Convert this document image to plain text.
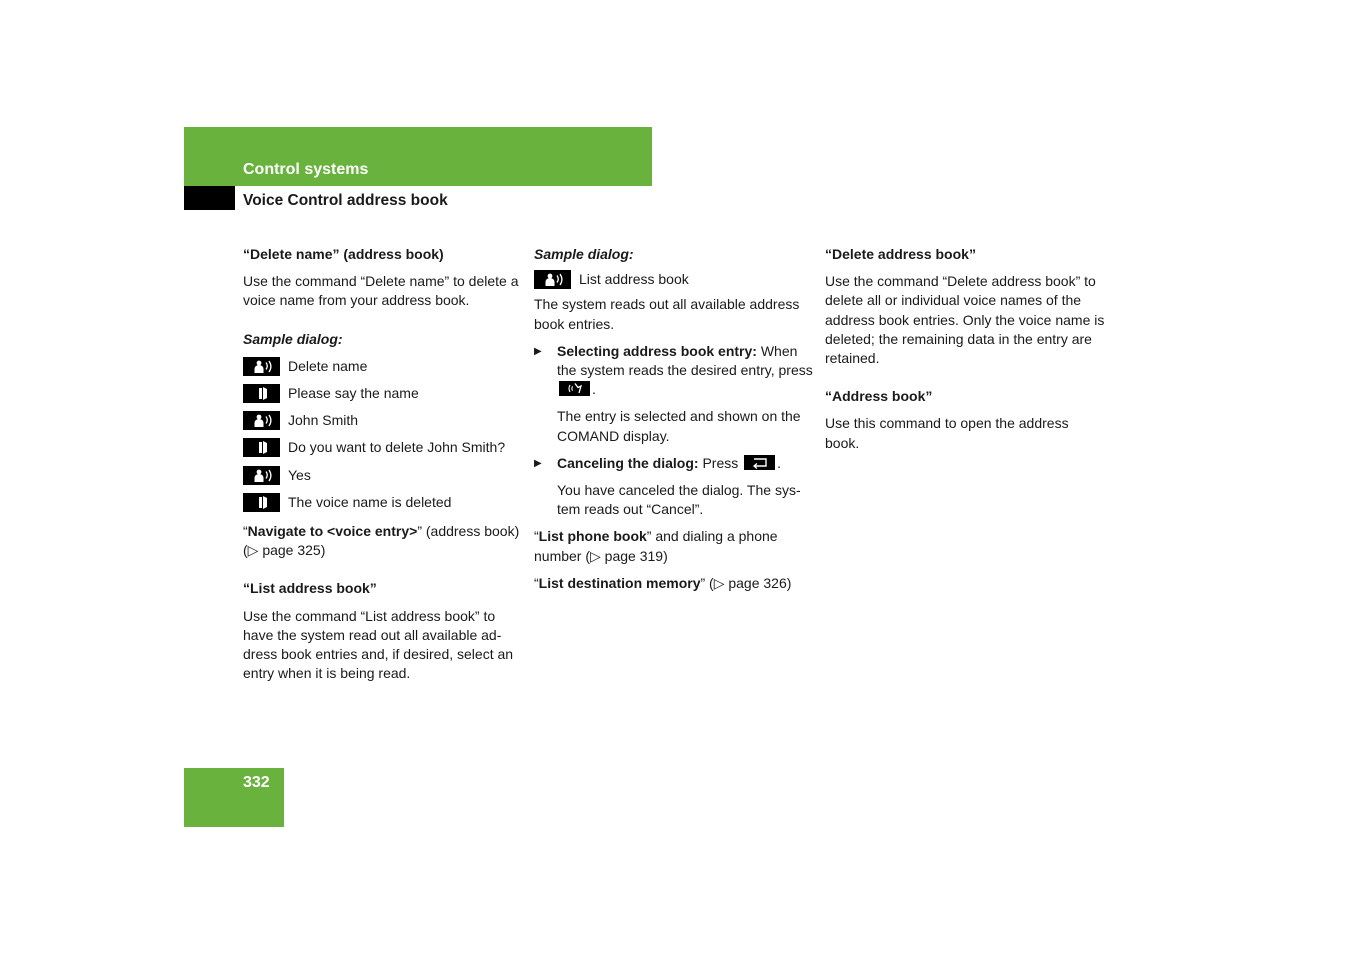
Control systems
Voice Control address book

“Delete name” (address book)

Use the command “Delete name” to delete a voice name from your address book.

Sample dialog:

Delete name
Please say the name
John Smith
Do you want to delete John Smith?
Yes
The voice name is deleted

“Navigate to <voice entry>” (address book) (▷ page 325)

“List address book”

Use the command “List address book” to have the system read out all available ad-dress book entries and, if desired, select an entry when it is being read.

Sample dialog:

List address book

The system reads out all available address book entries.

▶ Selecting address book entry: When the system reads the desired entry, press
.

The entry is selected and shown on the COMAND display.

▶ Canceling the dialog: Press	.

You have canceled the dialog. The sys-tem reads out “Cancel”.

“List phone book” and dialing a phone number (▷ page 319)

“List destination memory” (▷ page 326)

“Delete address book”

Use the command “Delete address book” to delete all or individual voice names of the address book entries. Only the voice name is deleted; the remaining data in the entry are retained.

“Address book”

Use this command to open the address book.

332
